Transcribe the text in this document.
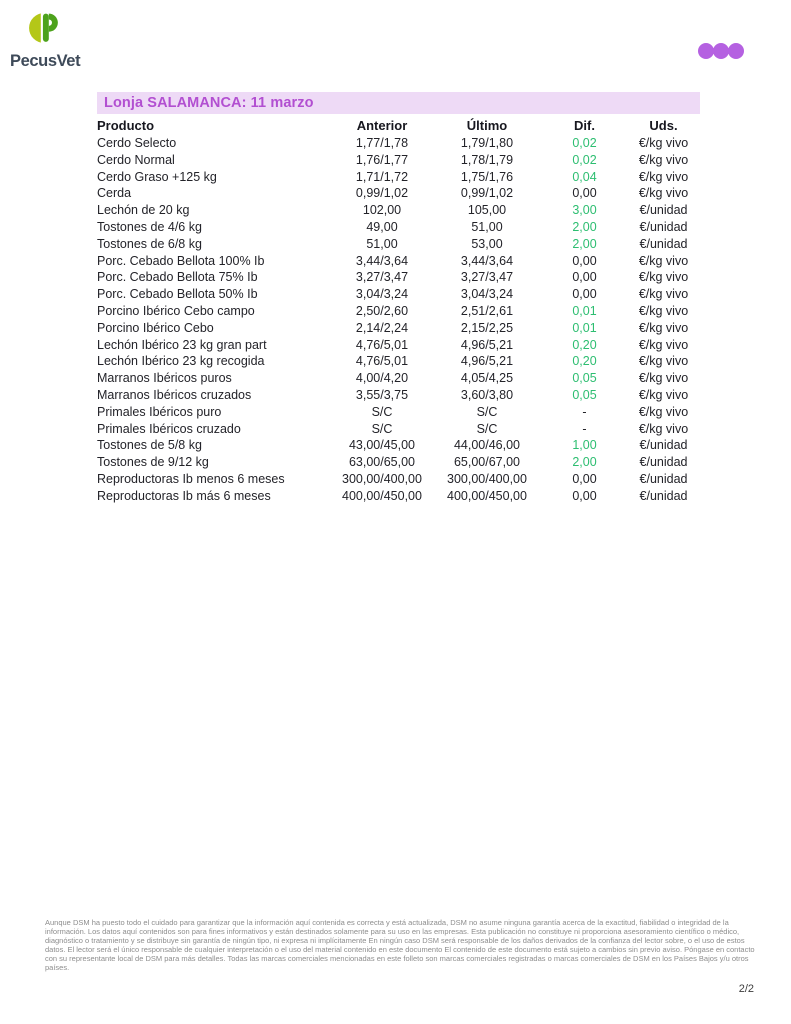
PecusVet
Lonja SALAMANCA: 11 marzo
Producto	Anterior	Último	Dif.	Uds.
Cerdo Selecto	1,77/1,78	1,79/1,80	0,02	€/kg vivo
Cerdo Normal	1,76/1,77	1,78/1,79	0,02	€/kg vivo
Cerdo Graso +125 kg	1,71/1,72	1,75/1,76	0,04	€/kg vivo
Cerda	0,99/1,02	0,99/1,02	0,00	€/kg vivo
Lechón de 20 kg	102,00	105,00	3,00	€/unidad
Tostones de 4/6 kg	49,00	51,00	2,00	€/unidad
Tostones de 6/8 kg	51,00	53,00	2,00	€/unidad
Porc. Cebado Bellota 100% Ib	3,44/3,64	3,44/3,64	0,00	€/kg vivo
Porc. Cebado Bellota 75% Ib	3,27/3,47	3,27/3,47	0,00	€/kg vivo
Porc. Cebado Bellota 50% Ib	3,04/3,24	3,04/3,24	0,00	€/kg vivo
Porcino Ibérico Cebo campo	2,50/2,60	2,51/2,61	0,01	€/kg vivo
Porcino Ibérico Cebo	2,14/2,24	2,15/2,25	0,01	€/kg vivo
Lechón Ibérico 23 kg gran part	4,76/5,01	4,96/5,21	0,20	€/kg vivo
Lechón Ibérico 23 kg recogida	4,76/5,01	4,96/5,21	0,20	€/kg vivo
Marranos Ibéricos puros	4,00/4,20	4,05/4,25	0,05	€/kg vivo
Marranos Ibéricos cruzados	3,55/3,75	3,60/3,80	0,05	€/kg vivo
Primales Ibéricos puro	S/C	S/C	-	€/kg vivo
Primales Ibéricos cruzado	S/C	S/C	-	€/kg vivo
Tostones de 5/8 kg	43,00/45,00	44,00/46,00	1,00	€/unidad
Tostones de 9/12 kg	63,00/65,00	65,00/67,00	2,00	€/unidad
Reproductoras Ib menos 6 meses	300,00/400,00	300,00/400,00	0,00	€/unidad
Reproductoras Ib más 6 meses	400,00/450,00	400,00/450,00	0,00	€/unidad

Aunque DSM ha puesto todo el cuidado para garantizar que la información aquí contenida es correcta y está actualizada, DSM no asume ninguna garantía acerca de la exactitud, fiabilidad o integridad de la información. Los datos aquí contenidos son para fines informativos y están destinados solamente para su uso en las empresas. Esta publicación no constituye ni proporciona asesoramiento científico o médico, diagnóstico o tratamiento y se distribuye sin garantía de ningún tipo, ni expresa ni implícitamente En ningún caso DSM será responsable de los daños derivados de la confianza del lector sobre, o el uso de estos datos. El lector será el único responsable de cualquier interpretación o el uso del material contenido en este documento El contenido de este documento está sujeto a cambios sin previo aviso. Póngase en contacto con su representante local de DSM para más detalles. Todas las marcas comerciales mencionadas en este folleto son marcas comerciales registradas o marcas comerciales de DSM en los Países Bajos y/u otros países.

2/2
